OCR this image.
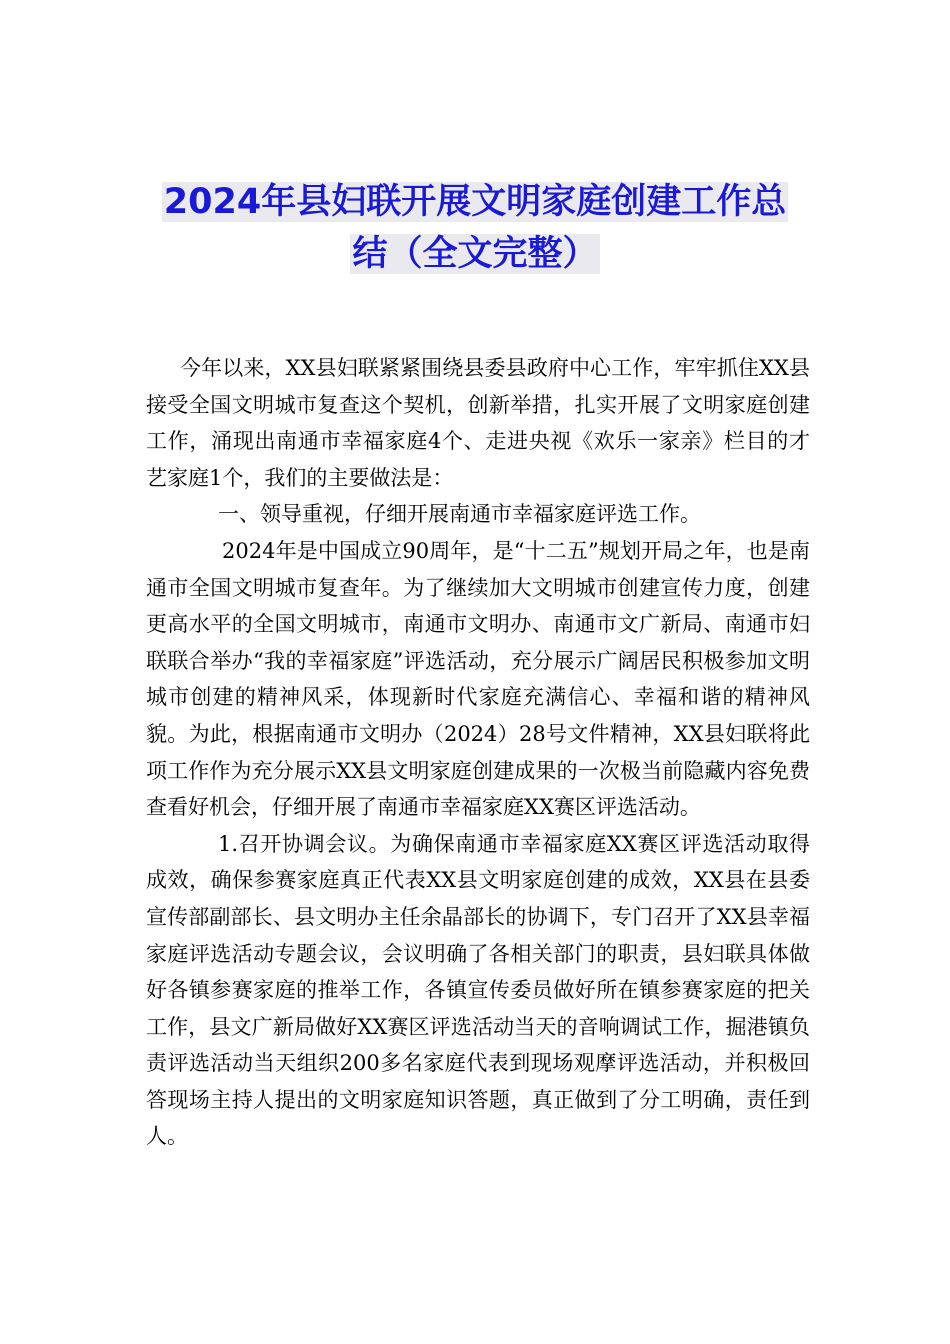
2024年县妇联开展文明家庭创建工作总
结（全文完整）

今年以来，XX县妇联紧紧围绕县委县政府中心工作，牢牢抓住XX县接受全国文明城市复查这个契机，创新举措，扎实开展了文明家庭创建工作，涌现出南通市幸福家庭4个、走进央视《欢乐一家亲》栏目的才艺家庭1个，我们的主要做法是：

一、领导重视，仔细开展南通市幸福家庭评选工作。

2024年是中国成立90周年，是“十二五”规划开局之年，也是南通市全国文明城市复查年。为了继续加大文明城市创建宣传力度，创建更高水平的全国文明城市，南通市文明办、南通市文广新局、南通市妇联联合举办“我的幸福家庭”评选活动，充分展示广阔居民积极参加文明城市创建的精神风采，体现新时代家庭充满信心、幸福和谐的精神风貌。为此，根据南通市文明办（2024）28号文件精神，XX县妇联将此项工作作为充分展示XX县文明家庭创建成果的一次极当前隐藏内容免费查看好机会，仔细开展了南通市幸福家庭XX赛区评选活动。

1.召开协调会议。为确保南通市幸福家庭XX赛区评选活动取得成效，确保参赛家庭真正代表XX县文明家庭创建的成效，XX县在县委宣传部副部长、县文明办主任余晶部长的协调下，专门召开了XX县幸福家庭评选活动专题会议，会议明确了各相关部门的职责，县妇联具体做好各镇参赛家庭的推举工作，各镇宣传委员做好所在镇参赛家庭的把关工作，县文广新局做好XX赛区评选活动当天的音响调试工作，掘港镇负责评选活动当天组织200多名家庭代表到现场观摩评选活动，并积极回答现场主持人提出的文明家庭知识答题，真正做到了分工明确，责任到人。
